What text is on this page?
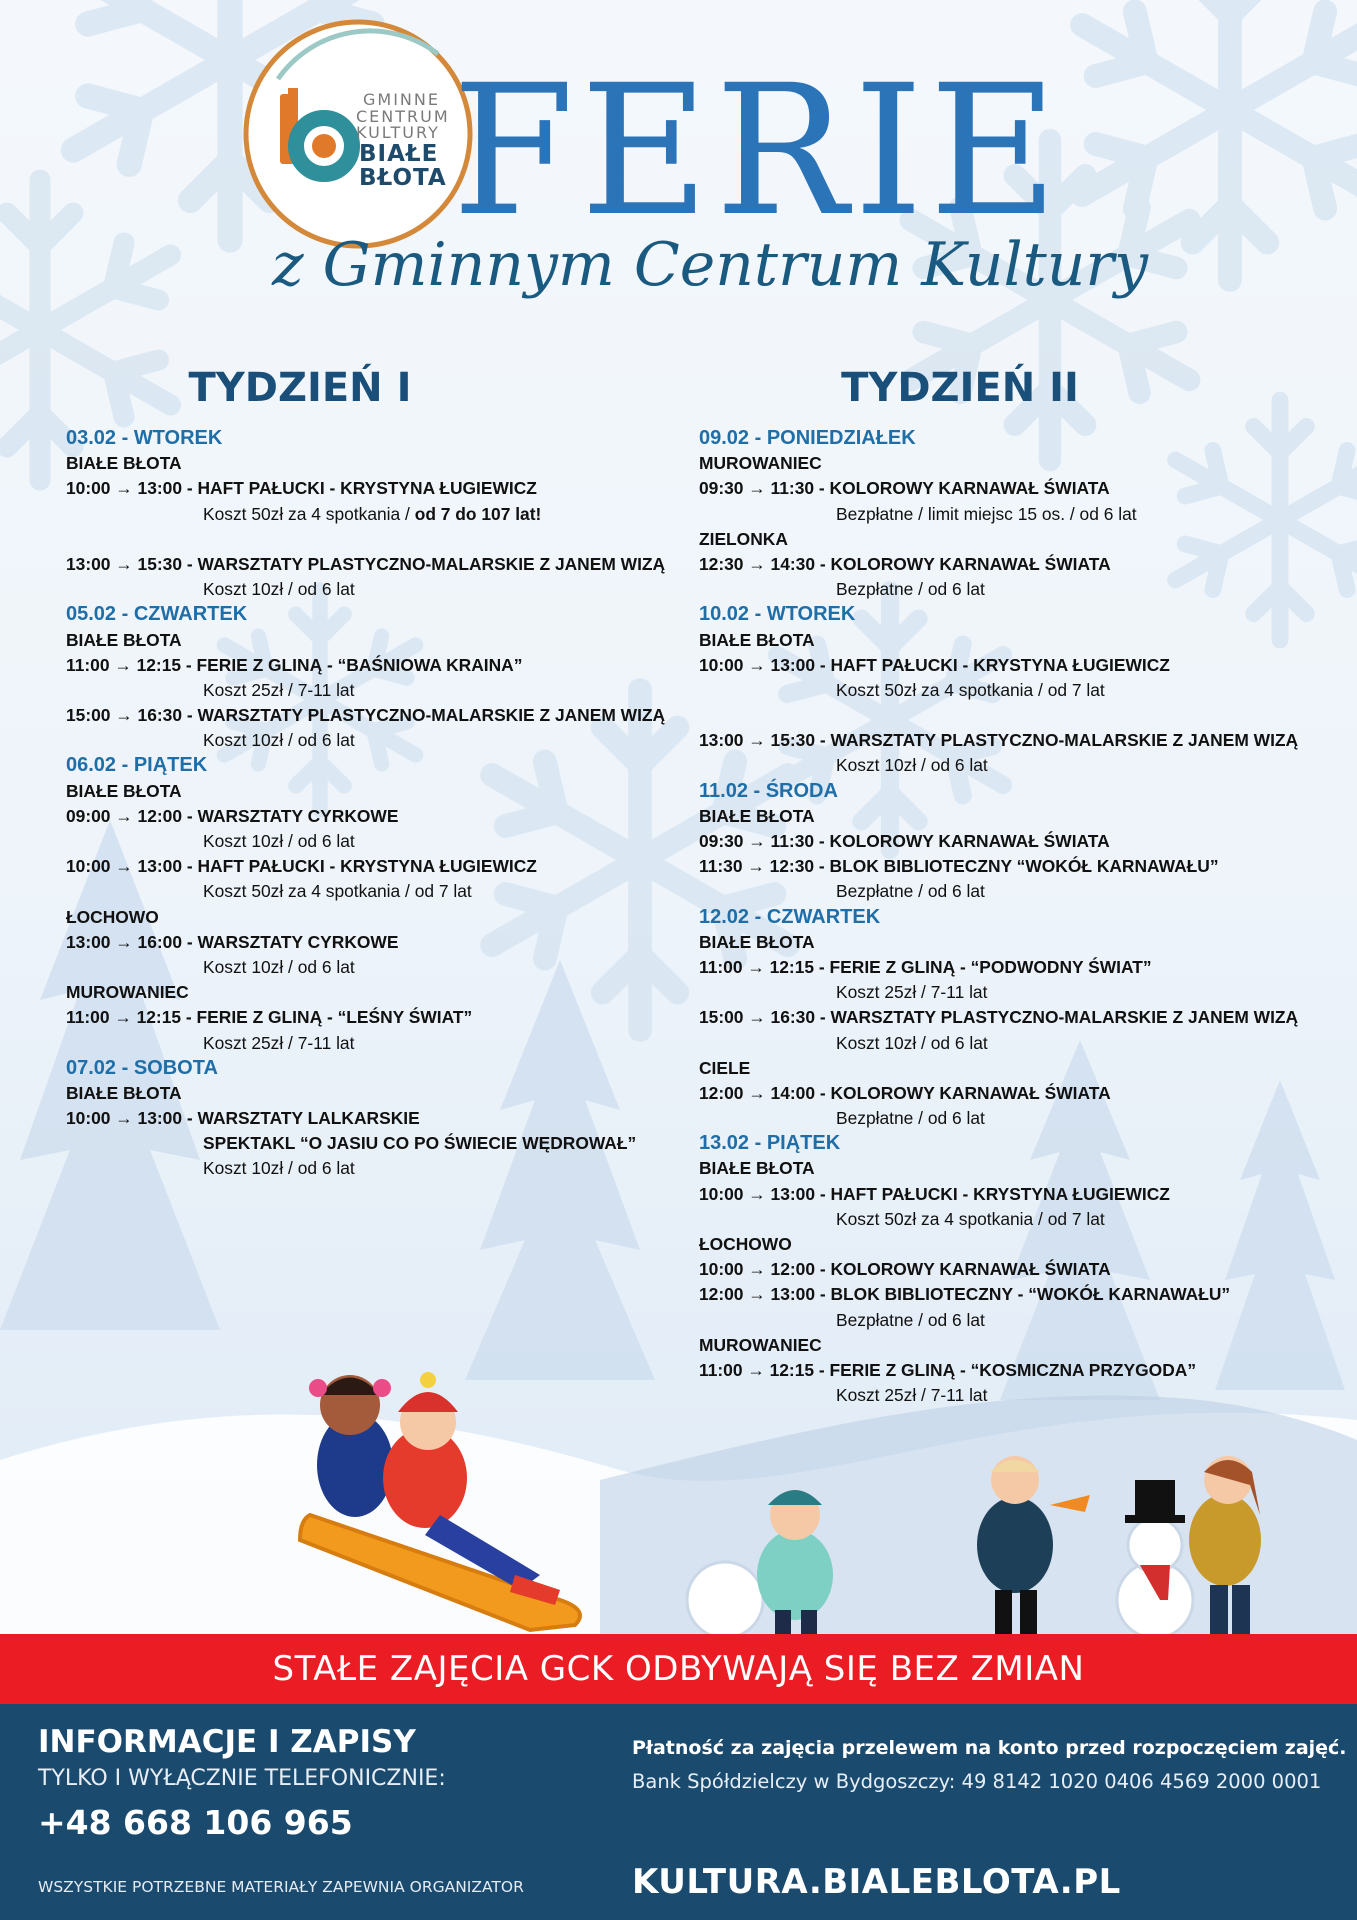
GMINNE
CENTRUM
KULTURY
BIAŁE
BŁOTA FERIE
z Gminnym Centrum Kultury
TYDZIEŃ I	TYDZIEŃ II
03.02 - WTOREK
BIAŁE BŁOTA
10:00 → 13:00 - HAFT PAŁUCKI - KRYSTYNA ŁUGIEWICZ
Koszt 50zł za 4 spotkania / od 7 do 107 lat!
13:00 → 15:30 - WARSZTATY PLASTYCZNO-MALARSKIE Z JANEM WIZĄ
Koszt 10zł / od 6 lat
05.02 - CZWARTEK
BIAŁE BŁOTA
11:00 → 12:15 - FERIE Z GLINĄ - “BAŚNIOWA KRAINA”
Koszt 25zł / 7-11 lat
15:00 → 16:30 - WARSZTATY PLASTYCZNO-MALARSKIE Z JANEM WIZĄ
Koszt 10zł / od 6 lat
06.02 - PIĄTEK
BIAŁE BŁOTA
09:00 → 12:00 - WARSZTATY CYRKOWE
Koszt 10zł / od 6 lat
10:00 → 13:00 - HAFT PAŁUCKI - KRYSTYNA ŁUGIEWICZ
Koszt 50zł za 4 spotkania / od 7 lat
ŁOCHOWO
13:00 → 16:00 - WARSZTATY CYRKOWE
Koszt 10zł / od 6 lat
MUROWANIEC
11:00 → 12:15 - FERIE Z GLINĄ - “LEŚNY ŚWIAT”
Koszt 25zł / 7-11 lat
07.02 - SOBOTA
BIAŁE BŁOTA
10:00 → 13:00 - WARSZTATY LALKARSKIE
SPEKTAKL “O JASIU CO PO ŚWIECIE WĘDROWAŁ”
Koszt 10zł / od 6 lat
09.02 - PONIEDZIAŁEK
MUROWANIEC
09:30 → 11:30 - KOLOROWY KARNAWAŁ ŚWIATA
Bezpłatne / limit miejsc 15 os. / od 6 lat
ZIELONKA
12:30 → 14:30 - KOLOROWY KARNAWAŁ ŚWIATA
Bezpłatne / od 6 lat
10.02 - WTOREK
BIAŁE BŁOTA
10:00 → 13:00 - HAFT PAŁUCKI - KRYSTYNA ŁUGIEWICZ
Koszt 50zł za 4 spotkania / od 7 lat
13:00 → 15:30 - WARSZTATY PLASTYCZNO-MALARSKIE Z JANEM WIZĄ
Koszt 10zł / od 6 lat
11.02 - ŚRODA
BIAŁE BŁOTA
09:30 → 11:30 - KOLOROWY KARNAWAŁ ŚWIATA
11:30 → 12:30 - BLOK BIBLIOTECZNY “WOKÓŁ KARNAWAŁU”
Bezpłatne / od 6 lat
12.02 - CZWARTEK
BIAŁE BŁOTA
11:00 → 12:15 - FERIE Z GLINĄ - “PODWODNY ŚWIAT”
Koszt 25zł / 7-11 lat
15:00 → 16:30 - WARSZTATY PLASTYCZNO-MALARSKIE Z JANEM WIZĄ
Koszt 10zł / od 6 lat
CIELE
12:00 → 14:00 - KOLOROWY KARNAWAŁ ŚWIATA
Bezpłatne / od 6 lat
13.02 - PIĄTEK
BIAŁE BŁOTA
10:00 → 13:00 - HAFT PAŁUCKI - KRYSTYNA ŁUGIEWICZ
Koszt 50zł za 4 spotkania / od 7 lat
ŁOCHOWO
10:00 → 12:00 - KOLOROWY KARNAWAŁ ŚWIATA
12:00 → 13:00 - BLOK BIBLIOTECZNY - “WOKÓŁ KARNAWAŁU”
Bezpłatne / od 6 lat
MUROWANIEC
11:00 → 12:15 - FERIE Z GLINĄ - “KOSMICZNA PRZYGODA”
Koszt 25zł / 7-11 lat
STAŁE ZAJĘCIA GCK ODBYWAJĄ SIĘ BEZ ZMIAN
INFORMACJE I ZAPISY
TYLKO I WYŁĄCZNIE TELEFONICZNIE:
+48 668 106 965
WSZYSTKIE POTRZEBNE MATERIAŁY ZAPEWNIA ORGANIZATOR
Płatność za zajęcia przelewem na konto przed rozpoczęciem zajęć.
Bank Spółdzielczy w Bydgoszczy: 49 8142 1020 0406 4569 2000 0001
KULTURA.BIALEBLOTA.PL
